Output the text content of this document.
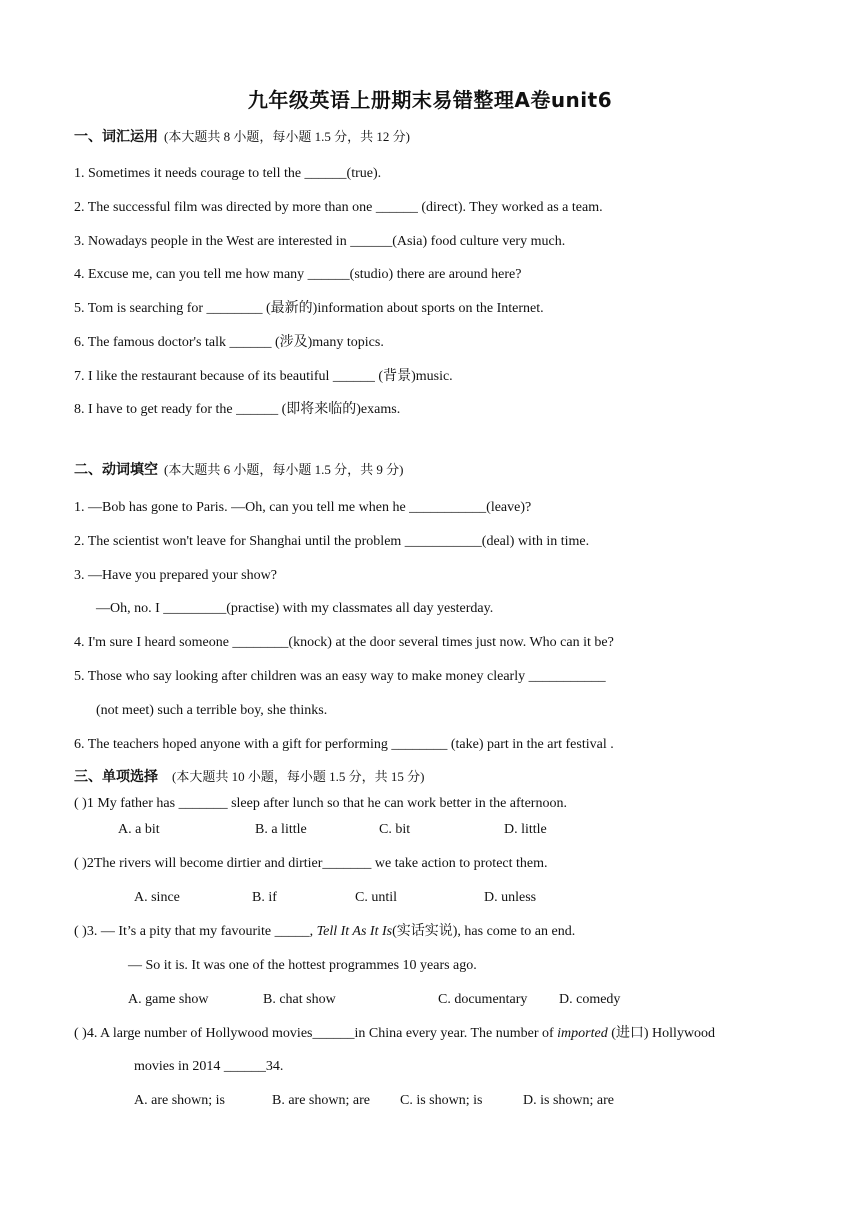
九年级英语上册期末易错整理A卷unit6
一、词汇运用 (本大题共 8 小题，每小题 1.5 分，共 12 分)
1. Sometimes it needs courage to tell the ______(true).
2. The successful film was directed by more than one ______ (direct). They worked as a team.
3. Nowadays people in the West are interested in ______(Asia) food culture very much.
4. Excuse me, can you tell me how many ______(studio) there are around here?
5. Tom is searching for ________ (最新的)information about sports on the Internet.
6. The famous doctor's talk ______ (涉及)many topics.
7. I like the restaurant because of its beautiful ______ (背景)music.
8. I have to get ready for the ______ (即将来临的)exams.
二、动词填空 (本大题共 6 小题，每小题 1.5 分，共 9 分)
1. —Bob has gone to Paris. —Oh, can you tell me when he ___________(leave)?
2. The scientist won't leave for Shanghai until the problem ___________(deal) with in time.
3. —Have you prepared your show?
—Oh, no. I _________(practise) with my classmates all day yesterday.
4. I'm sure I heard someone ________(knock) at the door several times just now. Who can it be?
5. Those who say looking after children was an easy way to make money clearly ___________
(not meet) such a terrible boy, she thinks.
6. The teachers hoped anyone with a gift for performing ________ (take) part in the art festival .
三、单项选择 (本大题共 10 小题，每小题 1.5 分，共 15 分)
( )1 My father has _______ sleep after lunch so that he can work better in the afternoon.
A. a bit	B. a little	C. bit	D. little
( )2The rivers will become dirtier and dirtier_______ we take action to protect them.
A. since	B. if	C. until	D. unless
( )3. — It’s a pity that my favourite _____, Tell It As It Is(实话实说), has come to an end.
— So it is. It was one of the hottest programmes 10 years ago.
A. game show	B. chat show	C. documentary D. comedy
( )4. A large number of Hollywood movies______in China every year. The number of imported (进口) Hollywood
movies in 2014 ______34.
A. are shown; is	B. are shown; are C. is shown; is	D. is shown; are
